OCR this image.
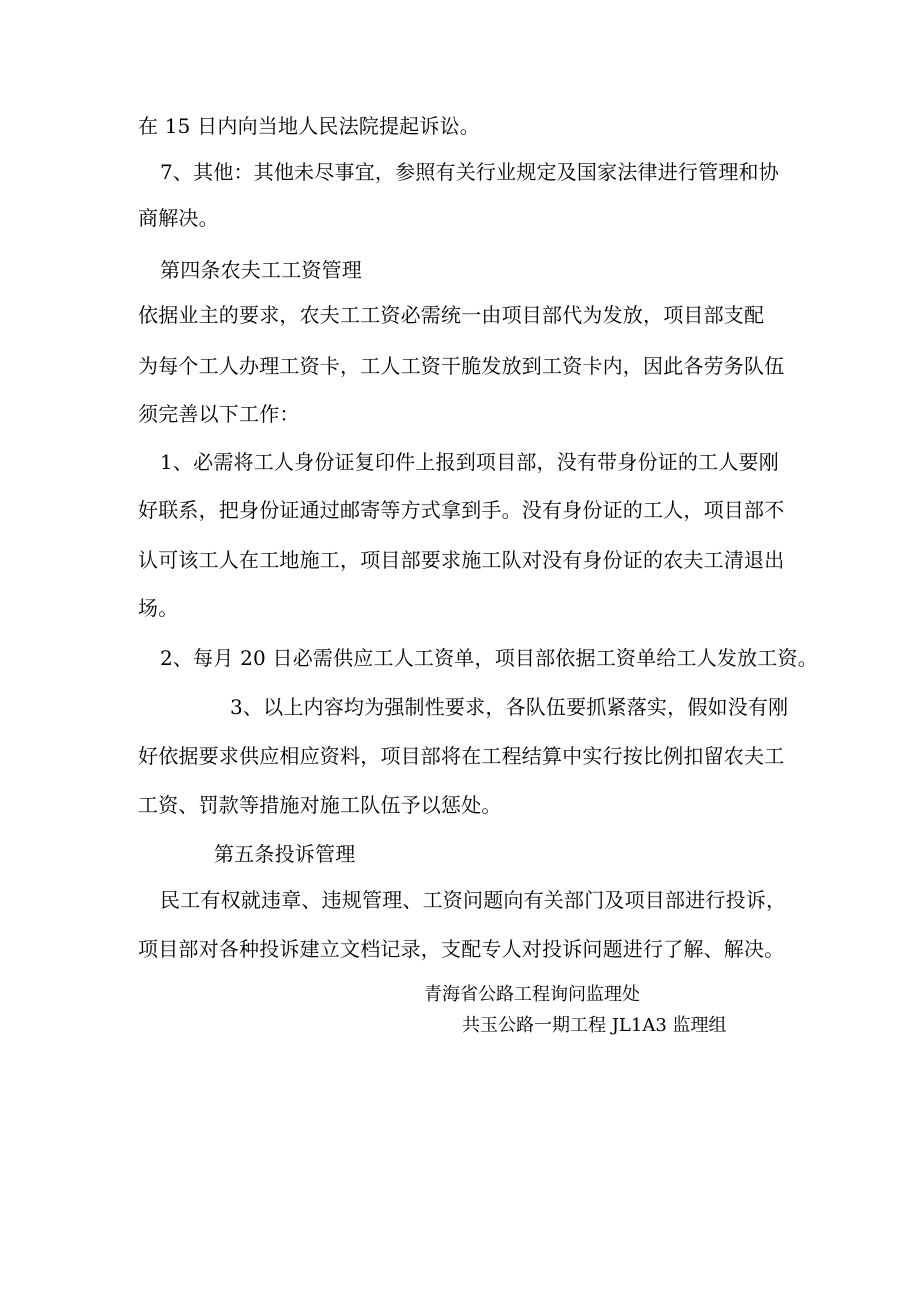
在 15 日内向当地人民法院提起诉讼。
7、其他：其他未尽事宜，参照有关行业规定及国家法律进行管理和协
商解决。
第四条农夫工工资管理
依据业主的要求，农夫工工资必需统一由项目部代为发放，项目部支配
为每个工人办理工资卡，工人工资干脆发放到工资卡内，因此各劳务队伍
须完善以下工作：
1、必需将工人身份证复印件上报到项目部，没有带身份证的工人要刚
好联系，把身份证通过邮寄等方式拿到手。没有身份证的工人，项目部不
认可该工人在工地施工，项目部要求施工队对没有身份证的农夫工清退出
场。
2、每月 20 日必需供应工人工资单，项目部依据工资单给工人发放工资。
3、以上内容均为强制性要求，各队伍要抓紧落实，假如没有刚
好依据要求供应相应资料，项目部将在工程结算中实行按比例扣留农夫工
工资、罚款等措施对施工队伍予以惩处。
第五条投诉管理
民工有权就违章、违规管理、工资问题向有关部门及项目部进行投诉，
项目部对各种投诉建立文档记录，支配专人对投诉问题进行了解、解决。
青海省公路工程询问监理处
共玉公路一期工程 JL1A3 监理组
